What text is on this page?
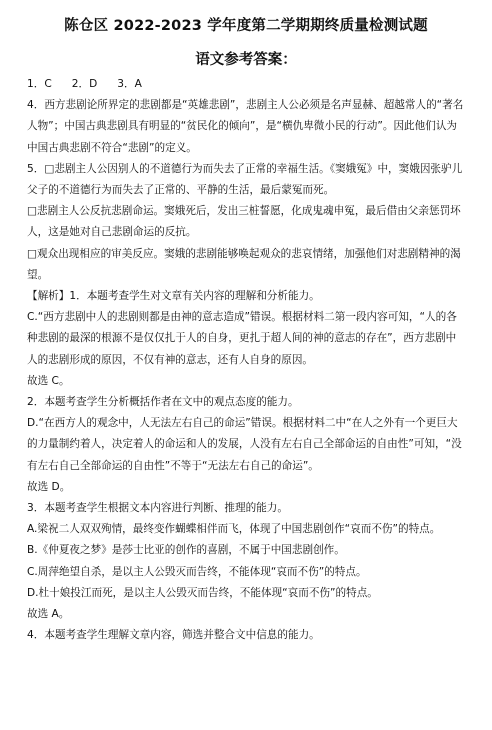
陈仓区 2022-2023 学年度第二学期期终质量检测试题
语文参考答案：

1．C 2．D 3．A

4．西方悲剧论所界定的悲剧都是“英雄悲剧”，悲剧主人公必须是名声显赫、超越常人的“著名人物”；中国古典悲剧具有明显的“贫民化的倾向”，是“横仇卑微小民的行动”。因此他们认为中国古典悲剧不符合“悲剧”的定义。

5．□悲剧主人公因别人的不道德行为而失去了正常的幸福生活。《窦娥冤》中，窦娥因张驴儿父子的不道德行为而失去了正常的、平静的生活，最后蒙冤而死。

□悲剧主人公反抗悲剧命运。窦娥死后，发出三桩誓愿，化成鬼魂申冤，最后借由父亲惩罚坏人，这是她对自己悲剧命运的反抗。

□观众出现相应的审美反应。窦娥的悲剧能够唤起观众的悲哀情绪，加强他们对悲剧精神的渴望。

【解析】1．本题考查学生对文章有关内容的理解和分析能力。

C.“西方悲剧中人的悲剧则都是由神的意志造成”错误。根据材料二第一段内容可知，“人的各种悲剧的最深的根源不是仅仅扎于人的自身，更扎于超人间的神的意志的存在”，西方悲剧中人的悲剧形成的原因，不仅有神的意志，还有人自身的原因。

故选 C。

2．本题考查学生分析概括作者在文中的观点态度的能力。

D.“在西方人的观念中，人无法左右自己的命运”错误。根据材料二中“在人之外有一个更巨大的力量制约着人，决定着人的命运和人的发展，人没有左右自己全部命运的自由性”可知，“没有左右自己全部命运的自由性”不等于“无法左右自己的命运”。

故选 D。

3．本题考查学生根据文本内容进行判断、推理的能力。

A.梁祝二人双双殉情，最终变作蝴蝶相伴而飞，体现了中国悲剧创作“哀而不伤”的特点。

B.《仲夏夜之梦》是莎士比亚的创作的喜剧，不属于中国悲剧创作。

C.周萍绝望自杀，是以主人公毁灭而告终，不能体现“哀而不伤”的特点。

D.杜十娘投江而死，是以主人公毁灭而告终，不能体现“哀而不伤”的特点。

故选 A。

4．本题考查学生理解文章内容，筛选并整合文中信息的能力。
